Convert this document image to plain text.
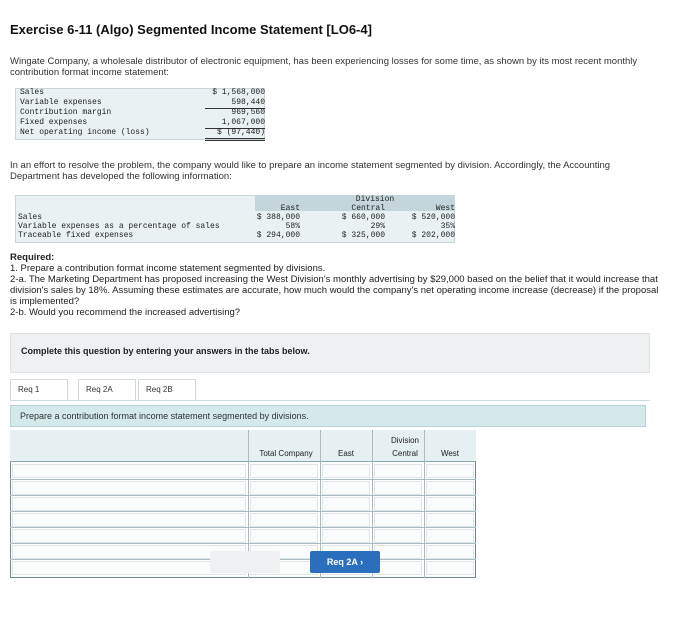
Exercise 6-11 (Algo) Segmented Income Statement [LO6-4]
Wingate Company, a wholesale distributor of electronic equipment, has been experiencing losses for some time, as shown by its most recent monthly contribution format income statement:
Sales	$ 1,568,000
Variable expenses	598,440
Contribution margin	969,560
Fixed expenses	1,067,000
Net operating income (loss)	$ (97,440)
In an effort to resolve the problem, the company would like to prepare an income statement segmented by division. Accordingly, the Accounting Department has developed the following information:
Division
East	Central	West
Sales	$ 388,000	$ 660,000	$ 520,000
Variable expenses as a percentage of sales	58%	29%	35%
Traceable fixed expenses	$ 294,000	$ 325,000	$ 202,000
Required:
1. Prepare a contribution format income statement segmented by divisions.
2-a. The Marketing Department has proposed increasing the West Division's monthly advertising by $29,000 based on the belief that it would increase that division's sales by 18%. Assuming these estimates are accurate, how much would the company's net operating income increase (decrease) if the proposal is implemented?
2-b. Would you recommend the increased advertising?
Complete this question by entering your answers in the tabs below.
Req 1	Req 2A	Req 2B
Prepare a contribution format income statement segmented by divisions.
Division
Total Company	East	Central	West
Req 2A ›
